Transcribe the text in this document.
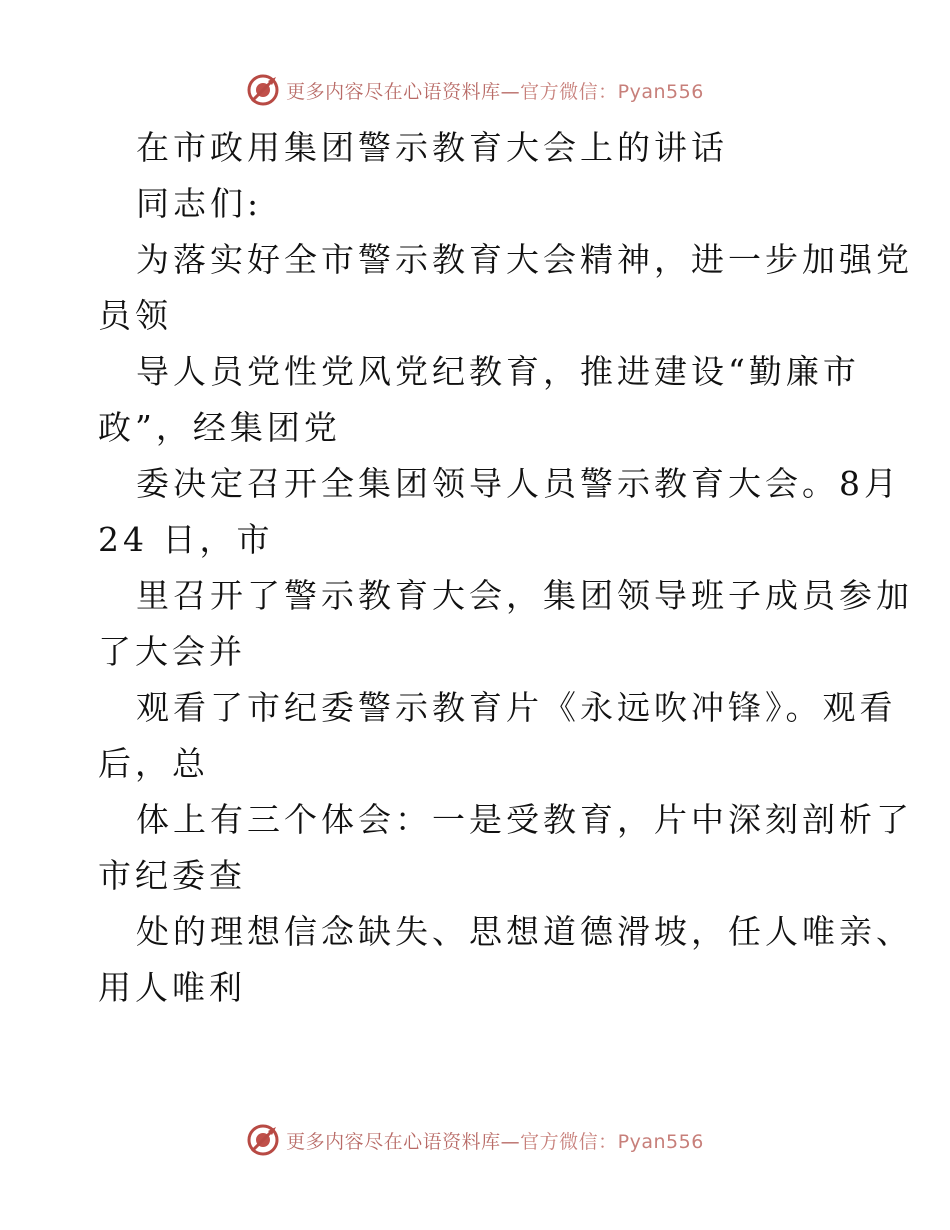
更多内容尽在心语资料库—官方微信：Pyan556
在市政用集团警示教育大会上的讲话
同志们:
为落实好全市警示教育大会精神，进一步加强党
员领
导人员党性党风党纪教育，推进建设“勤廉市
政”，经集团党
委决定召开全集团领导人员警示教育大会。8月
24 日，市
里召开了警示教育大会，集团领导班子成员参加
了大会并
观看了市纪委警示教育片《永远吹冲锋》。观看
后，总
体上有三个体会：一是受教育，片中深刻剖析了
市纪委查
处的理想信念缺失、思想道德滑坡，任人唯亲、
用人唯利
更多内容尽在心语资料库—官方微信：Pyan556
